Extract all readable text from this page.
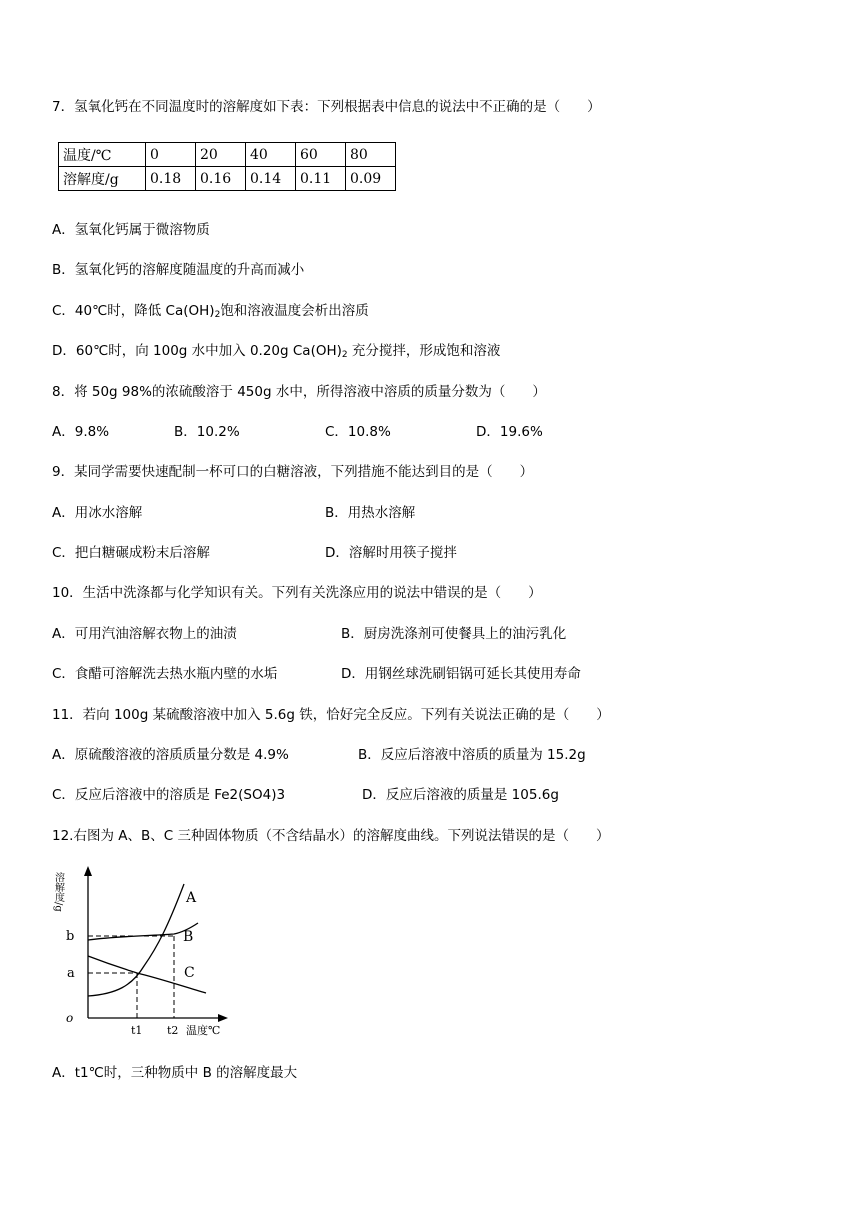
7．氢氧化钙在不同温度时的溶解度如下表：下列根据表中信息的说法中不正确的是（　　）
温度/℃	0	20	40	60	80
溶解度/g	0.18	0.16	0.14	0.11	0.09
A．氢氧化钙属于微溶物质
B．氢氧化钙的溶解度随温度的升高而减小
C．40℃时，降低 $Ca(OH)_2$饱和溶液温度会析出溶质
D．60℃时，向 100g 水中加入 0.20g $Ca(OH)_2$ 充分搅拌，形成饱和溶液
8．将 50g 98%的浓硫酸溶于 450g 水中，所得溶液中溶质的质量分数为（　　）
A．9.8%	B．10.2%	C．10.8%	D．19.6%
9．某同学需要快速配制一杯可口的白糖溶液，下列措施不能达到目的是（　　）
A．用冰水溶解	B．用热水溶解
C．把白糖碾成粉末后溶解	D．溶解时用筷子搅拌
10．生活中洗涤都与化学知识有关。下列有关洗涤应用的说法中错误的是（　　）
A．可用汽油溶解衣物上的油渍	B．厨房洗涤剂可使餐具上的油污乳化
C．食醋可溶解洗去热水瓶内壁的水垢	D．用钢丝球洗刷铝锅可延长其使用寿命
11．若向 100g 某硫酸溶液中加入 5.6g 铁，恰好完全反应。下列有关说法正确的是（　　）
A．原硫酸溶液的溶质质量分数是 4.9%	B．反应后溶液中溶质的质量为 15.2g
C．反应后溶液中的溶质是 Fe2(SO4)3	D．反应后溶液的质量是 105.6g
12.右图为 A、B、C 三种固体物质（不含结晶水）的溶解度曲线。下列说法错误的是（　　）
溶解度/g	A
B
C
b
a
o
t1 t2 温度℃
A．t1℃时，三种物质中 B 的溶解度最大
